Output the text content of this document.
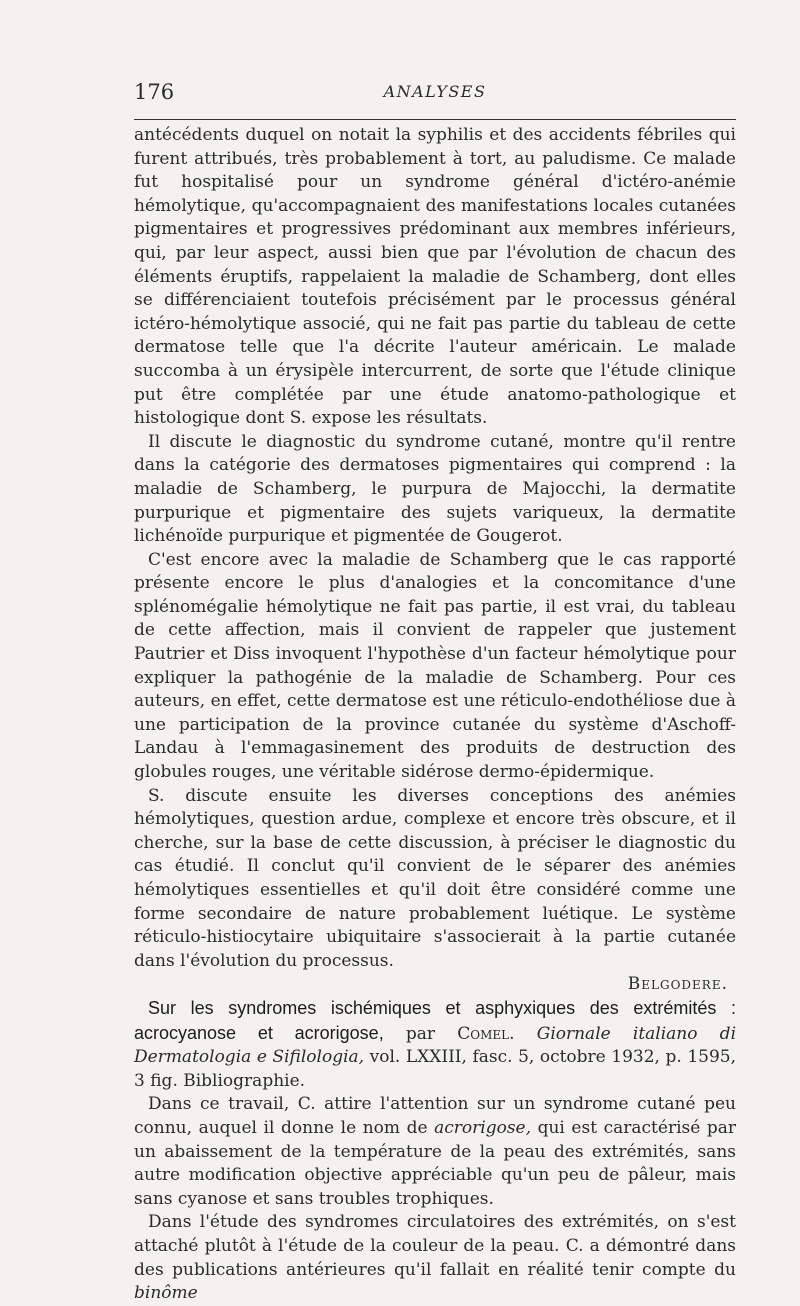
176	ANALYSES

antécédents duquel on notait la syphilis et des accidents fébriles qui furent attribués, très probablement à tort, au paludisme. Ce malade fut hospitalisé pour un syndrome général d'ictéro-anémie hémolytique, qu'accompagnaient des manifestations locales cutanées pigmentaires et progressives prédominant aux membres inférieurs, qui, par leur aspect, aussi bien que par l'évolution de chacun des éléments éruptifs, rappelaient la maladie de Schamberg, dont elles se différenciaient toutefois précisément par le processus général ictéro-hémolytique associé, qui ne fait pas partie du tableau de cette dermatose telle que l'a décrite l'auteur américain. Le malade succomba à un érysipèle intercurrent, de sorte que l'étude clinique put être complétée par une étude anatomo-pathologique et histologique dont S. expose les résultats.

Il discute le diagnostic du syndrome cutané, montre qu'il rentre dans la catégorie des dermatoses pigmentaires qui comprend : la maladie de Schamberg, le purpura de Majocchi, la dermatite purpurique et pigmentaire des sujets variqueux, la dermatite lichénoïde purpurique et pigmentée de Gougerot.

C'est encore avec la maladie de Schamberg que le cas rapporté présente encore le plus d'analogies et la concomitance d'une splénomégalie hémolytique ne fait pas partie, il est vrai, du tableau de cette affection, mais il convient de rappeler que justement Pautrier et Diss invoquent l'hypothèse d'un facteur hémolytique pour expliquer la pathogénie de la maladie de Schamberg. Pour ces auteurs, en effet, cette dermatose est une réticulo-endothéliose due à une participation de la province cutanée du système d'Aschoff-Landau à l'emmagasinement des produits de destruction des globules rouges, une véritable sidérose dermo-épidermique.

S. discute ensuite les diverses conceptions des anémies hémolytiques, question ardue, complexe et encore très obscure, et il cherche, sur la base de cette discussion, à préciser le diagnostic du cas étudié. Il conclut qu'il convient de le séparer des anémies hémolytiques essentielles et qu'il doit être considéré comme une forme secondaire de nature probablement luétique. Le système réticulo-histiocytaire ubiquitaire s'associerait à la partie cutanée dans l'évolution du processus.

Belgodere.

Sur les syndromes ischémiques et asphyxiques des extrémités : acrocyanose et acrorigose, par Comel. Giornale italiano di Dermatologia e Sifilologia, vol. LXXIII, fasc. 5, octobre 1932, p. 1595, 3 fig. Bibliographie.

Dans ce travail, C. attire l'attention sur un syndrome cutané peu connu, auquel il donne le nom de acrorigose, qui est caractérisé par un abaissement de la température de la peau des extrémités, sans autre modification objective appréciable qu'un peu de pâleur, mais sans cyanose et sans troubles trophiques.

Dans l'étude des syndromes circulatoires des extrémités, on s'est attaché plutôt à l'étude de la couleur de la peau. C. a démontré dans des publications antérieures qu'il fallait en réalité tenir compte du binôme
